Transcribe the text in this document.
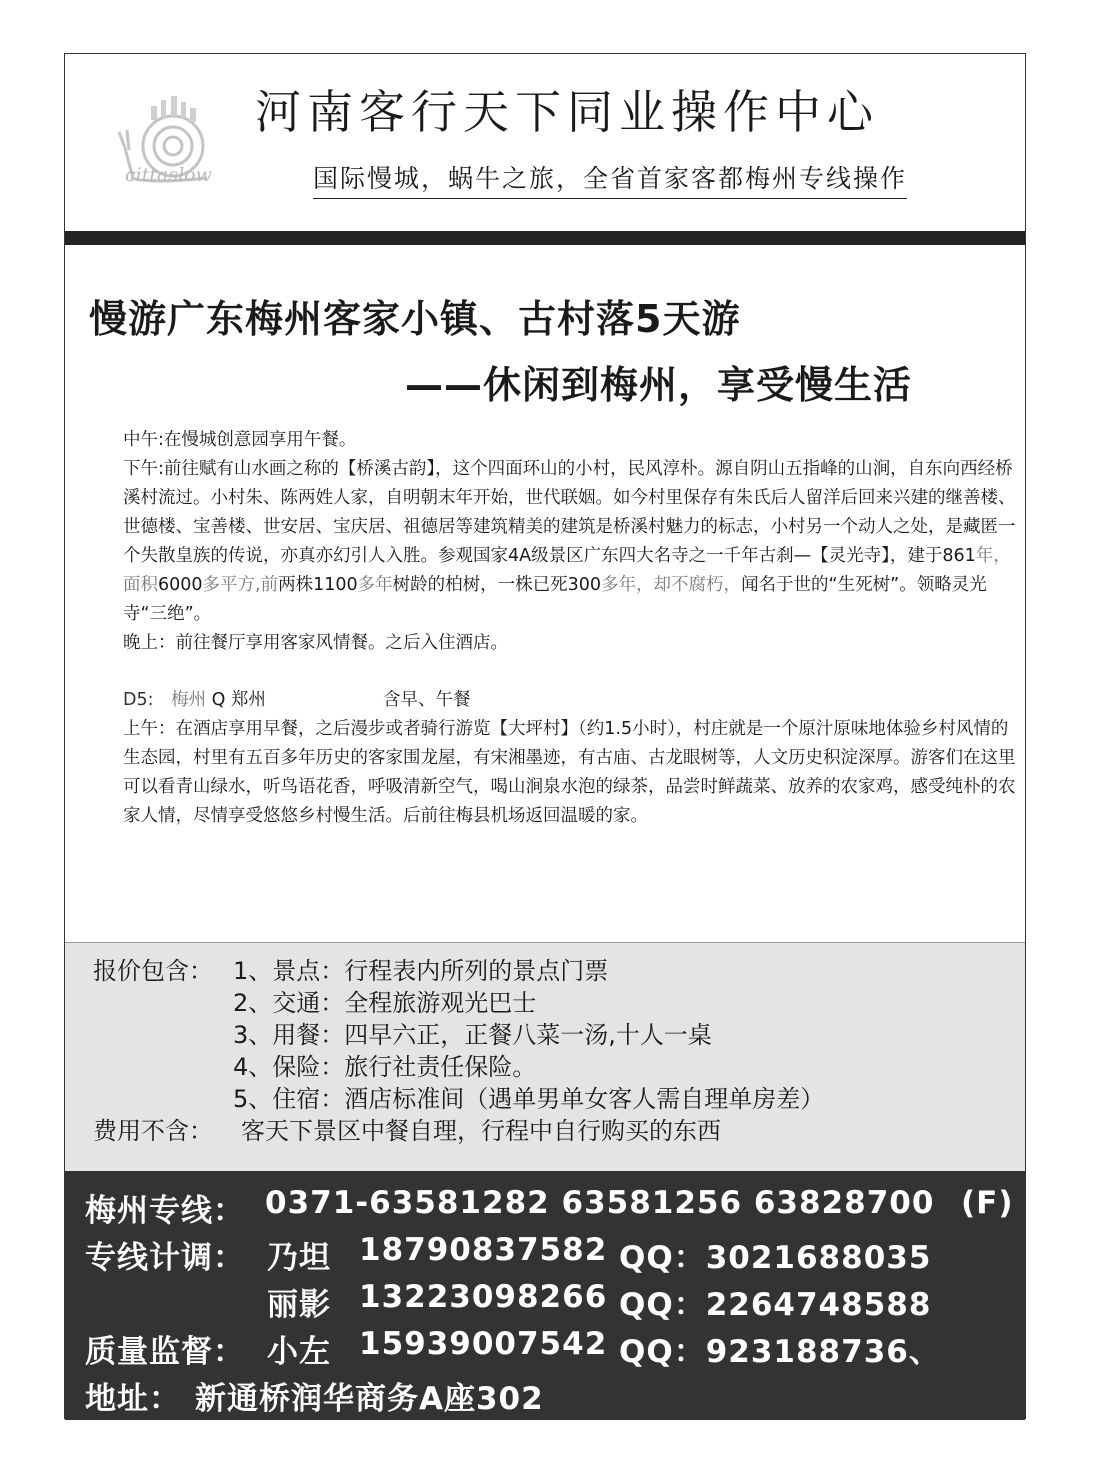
cittaslow
河南客行天下同业操作中心
国际慢城，蜗牛之旅，全省首家客都梅州专线操作
慢游广东梅州客家小镇、古村落5天游
——休闲到梅州，享受慢生活

中午:在慢城创意园享用午餐。

下午:前往赋有山水画之称的【桥溪古韵】，这个四面环山的小村，民风淳朴。源自阴山五指峰的山涧，自东向西经桥溪村流过。小村朱、陈两姓人家，自明朝末年开始，世代联姻。如今村里保存有朱氏后人留洋后回来兴建的继善楼、世德楼、宝善楼、世安居、宝庆居、祖德居等建筑精美的建筑是桥溪村魅力的标志，小村另一个动人之处，是藏匿一个失散皇族的传说，亦真亦幻引人入胜。参观国家4A级景区广东四大名寺之一千年古刹—【灵光寺】，建于861年，面积6000多平方,前两株1100多年树龄的柏树，一株已死300多年，却不腐朽，闻名于世的“生死树”。领略灵光寺“三绝”。

晚上：前往餐厅享用客家风情餐。之后入住酒店。

D5: 梅州 Q 郑州	含早、午餐

上午：在酒店享用早餐，之后漫步或者骑行游览【大坪村】（约1.5小时），村庄就是一个原汁原味地体验乡村风情的生态园，村里有五百多年历史的客家围龙屋，有宋湘墨迹，有古庙、古龙眼树等，人文历史积淀深厚。游客们在这里可以看青山绿水，听鸟语花香，呼吸清新空气，喝山涧泉水泡的绿茶，品尝时鲜蔬菜、放养的农家鸡，感受纯朴的农家人情，尽情享受悠悠乡村慢生活。后前往梅县机场返回温暖的家。

报价包含： 1、景点：行程表内所列的景点门票
2、交通：全程旅游观光巴士
3、用餐：四早六正，正餐八菜一汤,十人一桌
4、保险：旅行社责任保险。
5、住宿：酒店标准间（遇单男单女客人需自理单房差）
费用不含： 客天下景区中餐自理，行程中自行购买的东西
梅州专线： 0371-63581282 63581256 63828700 (F)
专线计调： 乃坦 18790837582 QQ：3021688035
丽影 13223098266 QQ：2264748588
质量监督： 小左 15939007542 QQ：923188736、
地址： 新通桥润华商务A座302
